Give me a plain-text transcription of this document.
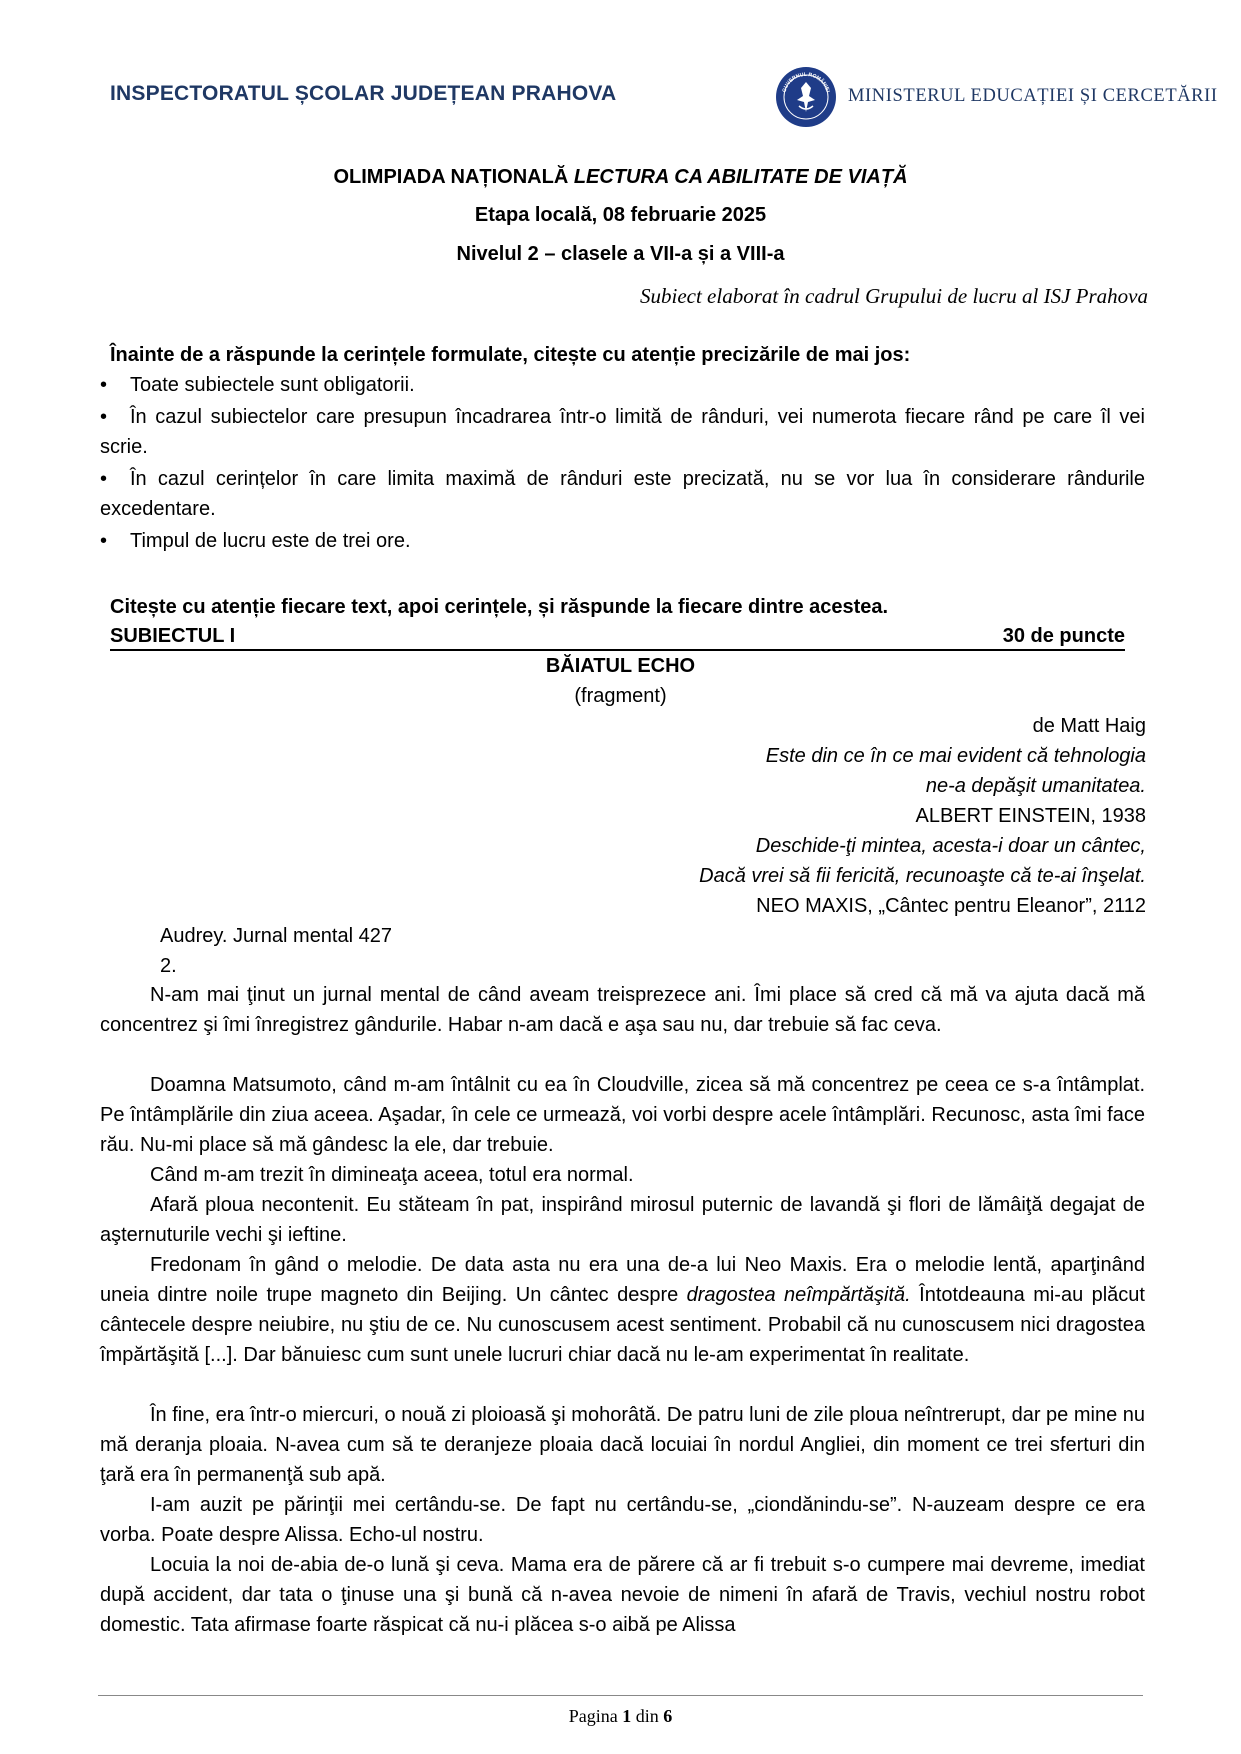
INSPECTORATUL ȘCOLAR JUDEȚEAN PRAHOVA	GUVERNUL ROMÂNIEI MINISTERUL EDUCAȚIEI ȘI CERCETĂRII
OLIMPIADA NAȚIONALĂ LECTURA CA ABILITATE DE VIAȚĂ
Etapa locală, 08 februarie 2025
Nivelul 2 – clasele a VII-a și a VIII-a
Subiect elaborat în cadrul Grupului de lucru al ISJ Prahova
Înainte de a răspunde la cerințele formulate, citește cu atenție precizările de mai jos:
•	Toate subiectele sunt obligatorii.
•	În cazul subiectelor care presupun încadrarea într-o limită de rânduri, vei numerota fiecare rând pe care îl vei scrie.
•	În cazul cerințelor în care limita maximă de rânduri este precizată, nu se vor lua în considerare rândurile excedentare.
•	Timpul de lucru este de trei ore.
Citește cu atenție fiecare text, apoi cerințele, și răspunde la fiecare dintre acestea.
SUBIECTUL I	30 de puncte
BĂIATUL ECHO
(fragment)
de Matt Haig
Este din ce în ce mai evident că tehnologia
ne-a depăşit umanitatea.
ALBERT EINSTEIN, 1938
Deschide-ţi mintea, acesta-i doar un cântec,
Dacă vrei să fii fericită, recunoaşte că te-ai înşelat.
NEO MAXIS, „Cântec pentru Eleanor”, 2112
Audrey. Jurnal mental 427
2.
N-am mai ţinut un jurnal mental de când aveam treisprezece ani. Îmi place să cred că mă va ajuta dacă mă concentrez şi îmi înregistrez gândurile. Habar n-am dacă e aşa sau nu, dar trebuie să fac ceva.
Doamna Matsumoto, când m-am întâlnit cu ea în Cloudville, zicea să mă concentrez pe ceea ce s-a întâmplat. Pe întâmplările din ziua aceea. Aşadar, în cele ce urmează, voi vorbi despre acele întâmplări. Recunosc, asta îmi face rău. Nu-mi place să mă gândesc la ele, dar trebuie.
Când m-am trezit în dimineaţa aceea, totul era normal.
Afară ploua necontenit. Eu stăteam în pat, inspirând mirosul puternic de lavandă şi flori de lămâiţă degajat de aşternuturile vechi şi ieftine.
Fredonam în gând o melodie. De data asta nu era una de-a lui Neo Maxis. Era o melodie lentă, aparţinând uneia dintre noile trupe magneto din Beijing. Un cântec despre dragostea neîmpărtăşită. Întotdeauna mi-au plăcut cântecele despre neiubire, nu ştiu de ce. Nu cunoscusem acest sentiment. Probabil că nu cunoscusem nici dragostea împărtăşită [...]. Dar bănuiesc cum sunt unele lucruri chiar dacă nu le-am experimentat în realitate.
În fine, era într-o miercuri, o nouă zi ploioasă şi mohorâtă. De patru luni de zile ploua neîntrerupt, dar pe mine nu mă deranja ploaia. N-avea cum să te deranjeze ploaia dacă locuiai în nordul Angliei, din moment ce trei sferturi din ţară era în permanenţă sub apă.
I-am auzit pe părinţii mei certându-se. De fapt nu certându-se, „ciondănindu-se”. N-auzeam despre ce era vorba. Poate despre Alissa. Echo-ul nostru.
Locuia la noi de-abia de-o lună şi ceva. Mama era de părere că ar fi trebuit s-o cumpere mai devreme, imediat după accident, dar tata o ţinuse una şi bună că n-avea nevoie de nimeni în afară de Travis, vechiul nostru robot domestic. Tata afirmase foarte răspicat că nu-i plăcea s-o aibă pe Alissa
Pagina 1 din 6
